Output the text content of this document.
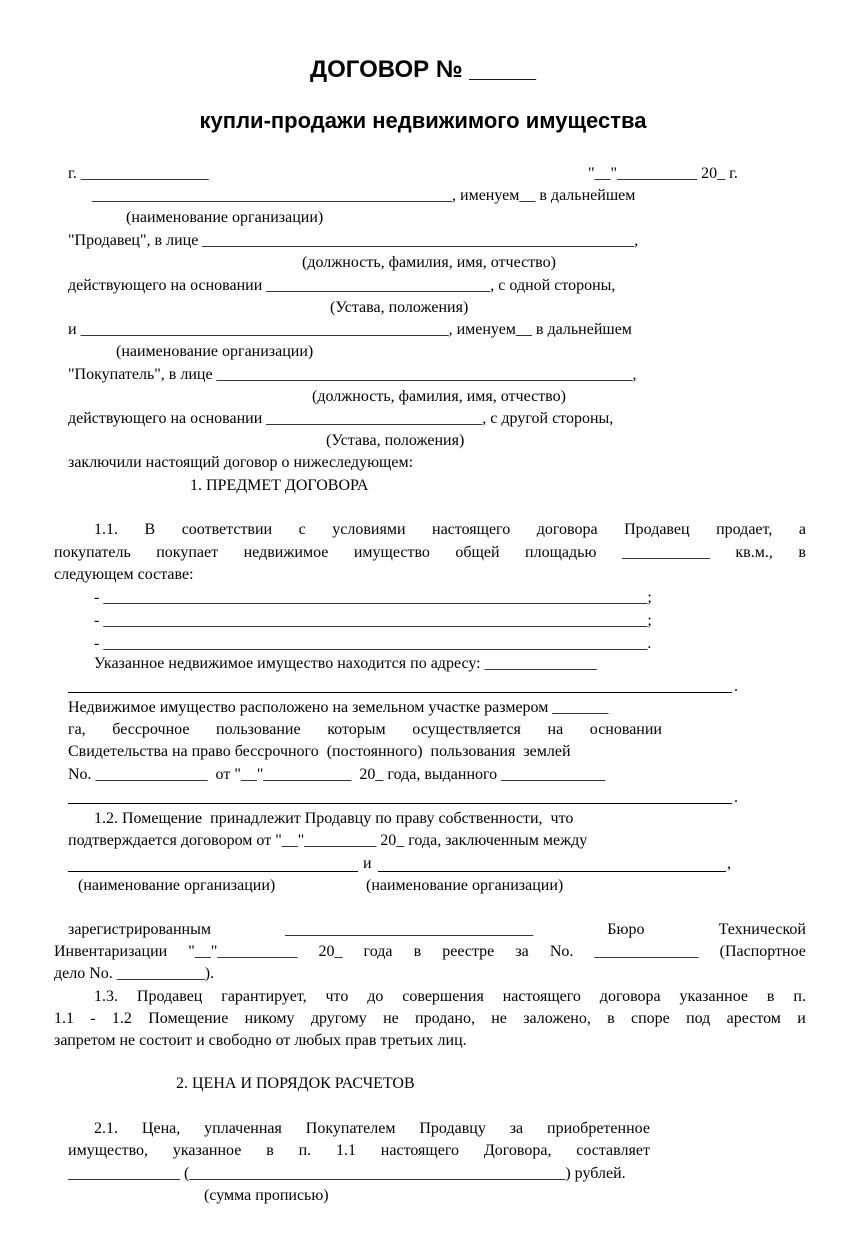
ДОГОВОР № _____
купли-продажи недвижимого имущества
г. ________________	"__"__________ 20_ г.
_____________________________________________, именуем__ в дальнейшем
(наименование организации)
"Продавец", в лице ______________________________________________________,
(должность, фамилия, имя, отчество)
действующего на основании ____________________________, с одной стороны,
(Устава, положения)
и ______________________________________________, именуем__ в дальнейшем
(наименование организации)
"Покупатель", в лице ____________________________________________________,
(должность, фамилия, имя, отчество)
действующего на основании ___________________________, с другой стороны,
(Устава, положения)
заключили настоящий договор о нижеследующем:
1. ПРЕДМЕТ ДОГОВОРА
1.1. В соответствии с условиями настоящего договора Продавец продает, а
покупатель покупает недвижимое имущество общей площадью ___________ кв.м., в
следующем составе:
- ____________________________________________________________________;
- ____________________________________________________________________;
- ____________________________________________________________________.
Указанное недвижимое имущество находится по адресу: ______________
.
Недвижимое имущество расположено на земельном участке размером _______
га, бессрочное пользование которым осуществляется на основании
Свидетельства на право бессрочного  (постоянного)  пользования  землей
No. ______________  от "__"___________  20_ года, выданного _____________
.
1.2. Помещение  принадлежит Продавцу по праву собственности,  что
подтверждается договором от "__"_________ 20_ года, заключенным между
и	,
(наименование организации)	(наименование организации)
зарегистрированным	_______________________________	Бюро	Технической
Инвентаризации "__"__________ 20_ года в реестре за No. _____________ (Паспортное
дело No. ___________).
1.3. Продавец гарантирует, что до совершения настоящего договора указанное в п.
1.1 - 1.2 Помещение никому другому не продано, не заложено, в споре под арестом и
запретом не состоит и свободно от любых прав третьих лиц.
2. ЦЕНА И ПОРЯДОК РАСЧЕТОВ
2.1. Цена, уплаченная Покупателем Продавцу за приобретенное
имущество, указанное в п. 1.1 настоящего Договора, составляет
______________ (_______________________________________________) рублей.
(сумма прописью)
